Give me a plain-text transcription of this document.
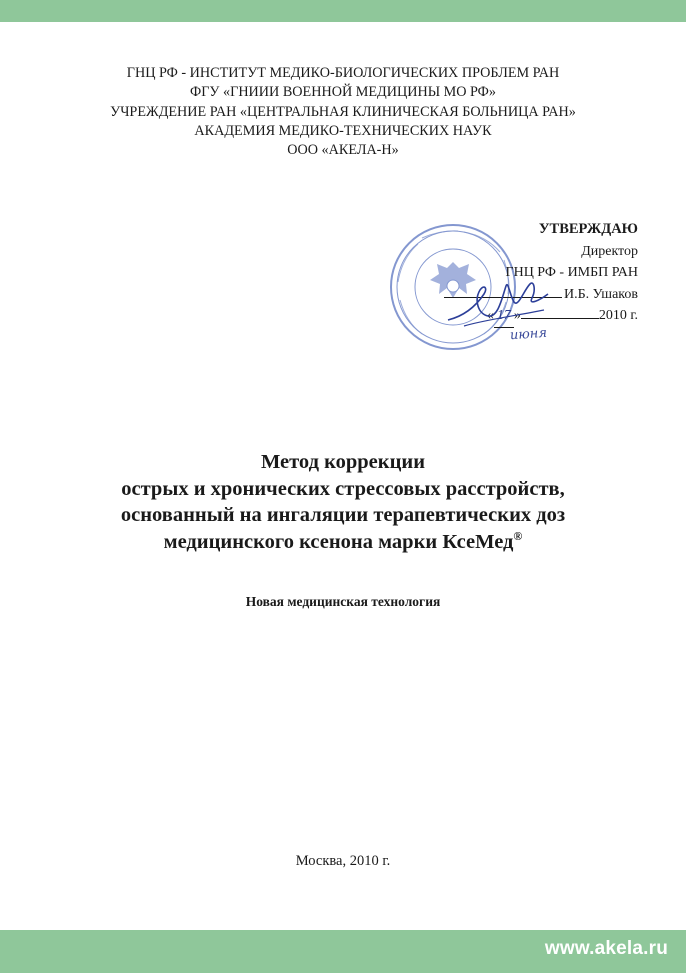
ГНЦ РФ - ИНСТИТУТ МЕДИКО-БИОЛОГИЧЕСКИХ ПРОБЛЕМ РАН
ФГУ «ГНИИИ ВОЕННОЙ МЕДИЦИНЫ МО РФ»
УЧРЕЖДЕНИЕ РАН «ЦЕНТРАЛЬНАЯ КЛИНИЧЕСКАЯ БОЛЬНИЦА РАН»
АКАДЕМИЯ МЕДИКО-ТЕХНИЧЕСКИХ НАУК
ООО «АКЕЛА-Н»
УТВЕРЖДАЮ
Директор
ГНЦ РФ - ИМБП РАН
И.Б. Ушаков
« 17 »	2010 г.
июня
Метод коррекции
острых и хронических стрессовых расстройств,
основанный на ингаляции терапевтических доз
медицинского ксенона марки КсеМед®
Новая медицинская технология
Москва, 2010 г.
www.akela.ru
